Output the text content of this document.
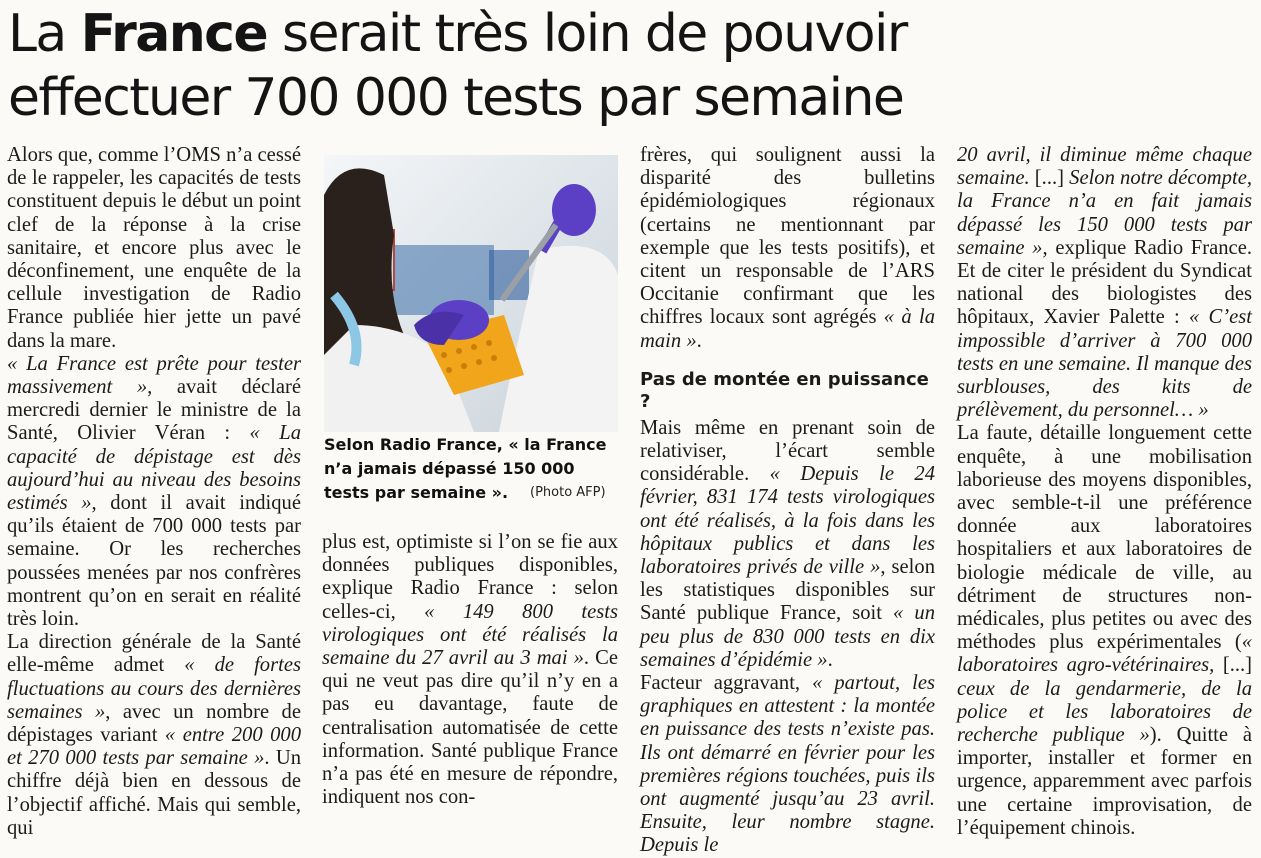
La France serait très loin de pouvoir
effectuer 700 000 tests par semaine

Alors que, comme l’OMS n’a cessé de le rappeler, les capacités de tests constituent depuis le début un point clef de la réponse à la crise sanitaire, et encore plus avec le déconfinement, une enquête de la cellule investigation de Radio France publiée hier jette un pavé dans la mare.

« La France est prête pour tester massivement », avait déclaré mercredi dernier le ministre de la Santé, Olivier Véran : « La capacité de dépistage est dès aujourd’hui au niveau des besoins estimés », dont il avait indiqué qu’ils étaient de 700 000 tests par semaine. Or les recherches poussées menées par nos confrères montrent qu’on en serait en réalité très loin.

La direction générale de la Santé elle-même admet « de fortes fluctuations au cours des dernières semaines », avec un nombre de dépistages variant « entre 200 000 et 270 000 tests par semaine ». Un chiffre déjà bien en dessous de l’objectif affiché. Mais qui semble, qui

Selon Radio France, « la France n’a jamais dépassé 150 000 tests par semaine ».	(Photo AFP)

plus est, optimiste si l’on se fie aux données publiques disponibles, explique Radio France : selon celles-ci, « 149 800 tests virologiques ont été réalisés la semaine du 27 avril au 3 mai ». Ce qui ne veut pas dire qu’il n’y en a pas eu davantage, faute de centralisation automatisée de cette information. Santé publique France n’a pas été en mesure de répondre, indiquent nos con-

frères, qui soulignent aussi la disparité des bulletins épidémiologiques régionaux (certains ne mentionnant par exemple que les tests positifs), et citent un responsable de l’ARS Occitanie confirmant que les chiffres locaux sont agrégés « à la main ».

Pas de montée en puissance ?

Mais même en prenant soin de relativiser, l’écart semble considérable. « Depuis le 24 février, 831 174 tests virologiques ont été réalisés, à la fois dans les hôpitaux publics et dans les laboratoires privés de ville », selon les statistiques disponibles sur Santé publique France, soit « un peu plus de 830 000 tests en dix semaines d’épidémie ».

Facteur aggravant, « partout, les graphiques en attestent : la montée en puissance des tests n’existe pas. Ils ont démarré en février pour les premières régions touchées, puis ils ont augmenté jusqu’au 23 avril. Ensuite, leur nombre stagne. Depuis le

20 avril, il diminue même chaque semaine. [...] Selon notre décompte, la France n’a en fait jamais dépassé les 150 000 tests par semaine », explique Radio France. Et de citer le président du Syndicat national des biologistes des hôpitaux, Xavier Palette : « C’est impossible d’arriver à 700 000 tests en une semaine. Il manque des surblouses, des kits de prélèvement, du personnel… »

La faute, détaille longuement cette enquête, à une mobilisation laborieuse des moyens disponibles, avec semble-t-il une préférence donnée aux laboratoires hospitaliers et aux laboratoires de biologie médicale de ville, au détriment de structures non-médicales, plus petites ou avec des méthodes plus expérimentales (« laboratoires agro-vétérinaires, [...] ceux de la gendarmerie, de la police et les laboratoires de recherche publique »). Quitte à importer, installer et former en urgence, apparemment avec parfois une certaine improvisation, de l’équipement chinois.
